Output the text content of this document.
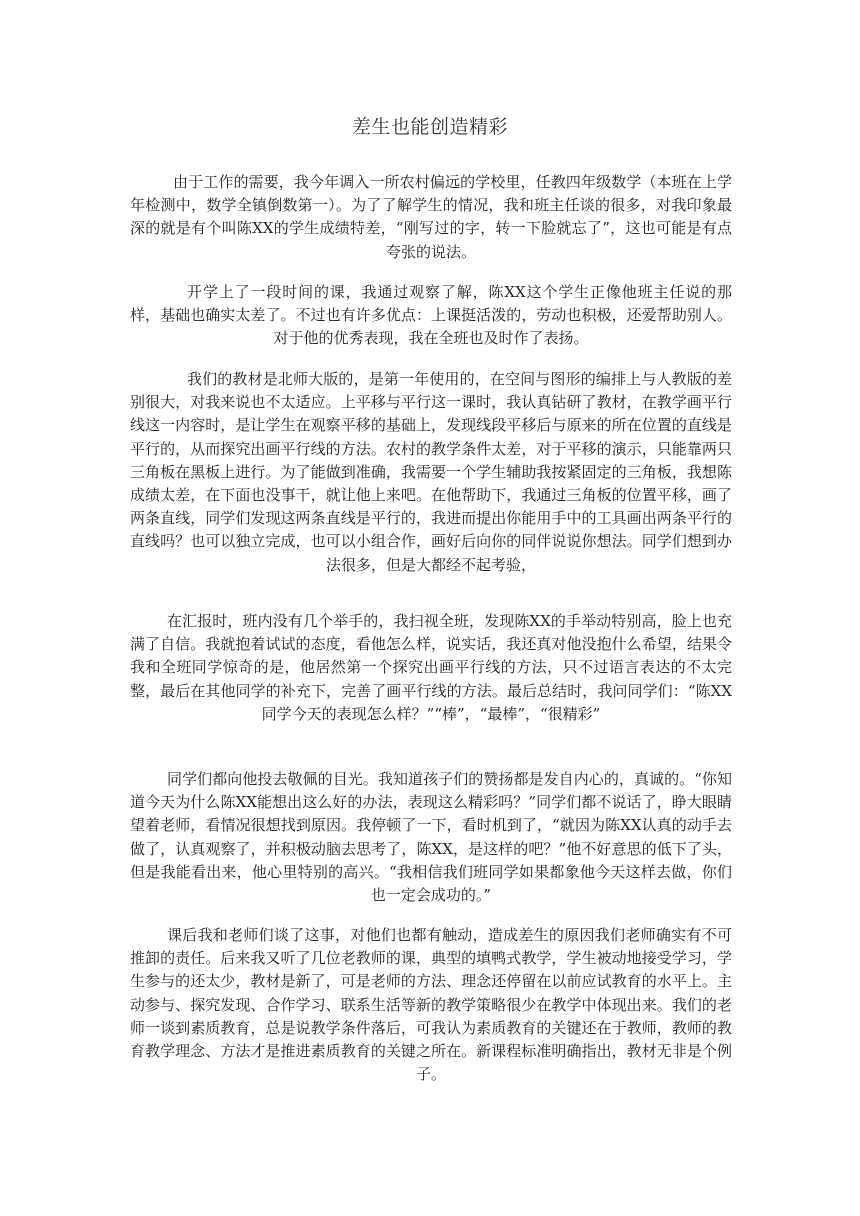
差生也能创造精彩
由于工作的需要，我今年调入一所农村偏远的学校里，任教四年级数学（本班在上学年检测中，数学全镇倒数第一）。为了了解学生的情况，我和班主任谈的很多，对我印象最深的就是有个叫陈XX的学生成绩特差，“刚写过的字，转一下脸就忘了”，这也可能是有点夸张的说法。
开学上了一段时间的课，我通过观察了解，陈XX这个学生正像他班主任说的那样，基础也确实太差了。不过也有许多优点：上课挺活泼的，劳动也积极，还爱帮助别人。对于他的优秀表现，我在全班也及时作了表扬。
我们的教材是北师大版的，是第一年使用的，在空间与图形的编排上与人教版的差别很大，对我来说也不太适应。上平移与平行这一课时，我认真钻研了教材，在教学画平行线这一内容时，是让学生在观察平移的基础上，发现线段平移后与原来的所在位置的直线是平行的，从而探究出画平行线的方法。农村的教学条件太差，对于平移的演示，只能靠两只三角板在黑板上进行。为了能做到准确，我需要一个学生辅助我按紧固定的三角板，我想陈成绩太差，在下面也没事干，就让他上来吧。在他帮助下，我通过三角板的位置平移，画了两条直线，同学们发现这两条直线是平行的，我进而提出你能用手中的工具画出两条平行的直线吗？也可以独立完成，也可以小组合作，画好后向你的同伴说说你想法。同学们想到办法很多，但是大都经不起考验，
在汇报时，班内没有几个举手的，我扫视全班，发现陈XX的手举动特别高，脸上也充满了自信。我就抱着试试的态度，看他怎么样，说实话，我还真对他没抱什么希望，结果令我和全班同学惊奇的是，他居然第一个探究出画平行线的方法，只不过语言表达的不太完整，最后在其他同学的补充下，完善了画平行线的方法。最后总结时，我问同学们：“陈XX同学今天的表现怎么样？”“棒”，“最棒”，“很精彩”
同学们都向他投去敬佩的目光。我知道孩子们的赞扬都是发自内心的，真诚的。“你知道今天为什么陈XX能想出这么好的办法，表现这么精彩吗？”同学们都不说话了，睁大眼睛望着老师，看情况很想找到原因。我停顿了一下，看时机到了，“就因为陈XX认真的动手去做了，认真观察了，并积极动脑去思考了，陈XX，是这样的吧？”他不好意思的低下了头，但是我能看出来，他心里特别的高兴。“我相信我们班同学如果都象他今天这样去做，你们也一定会成功的。”
课后我和老师们谈了这事，对他们也都有触动，造成差生的原因我们老师确实有不可推卸的责任。后来我又听了几位老教师的课，典型的填鸭式教学，学生被动地接受学习，学生参与的还太少，教材是新了，可是老师的方法、理念还停留在以前应试教育的水平上。主动参与、探究发现、合作学习、联系生活等新的教学策略很少在教学中体现出来。我们的老师一谈到素质教育，总是说教学条件落后，可我认为素质教育的关键还在于教师，教师的教育教学理念、方法才是推进素质教育的关键之所在。新课程标准明确指出，教材无非是个例子。
